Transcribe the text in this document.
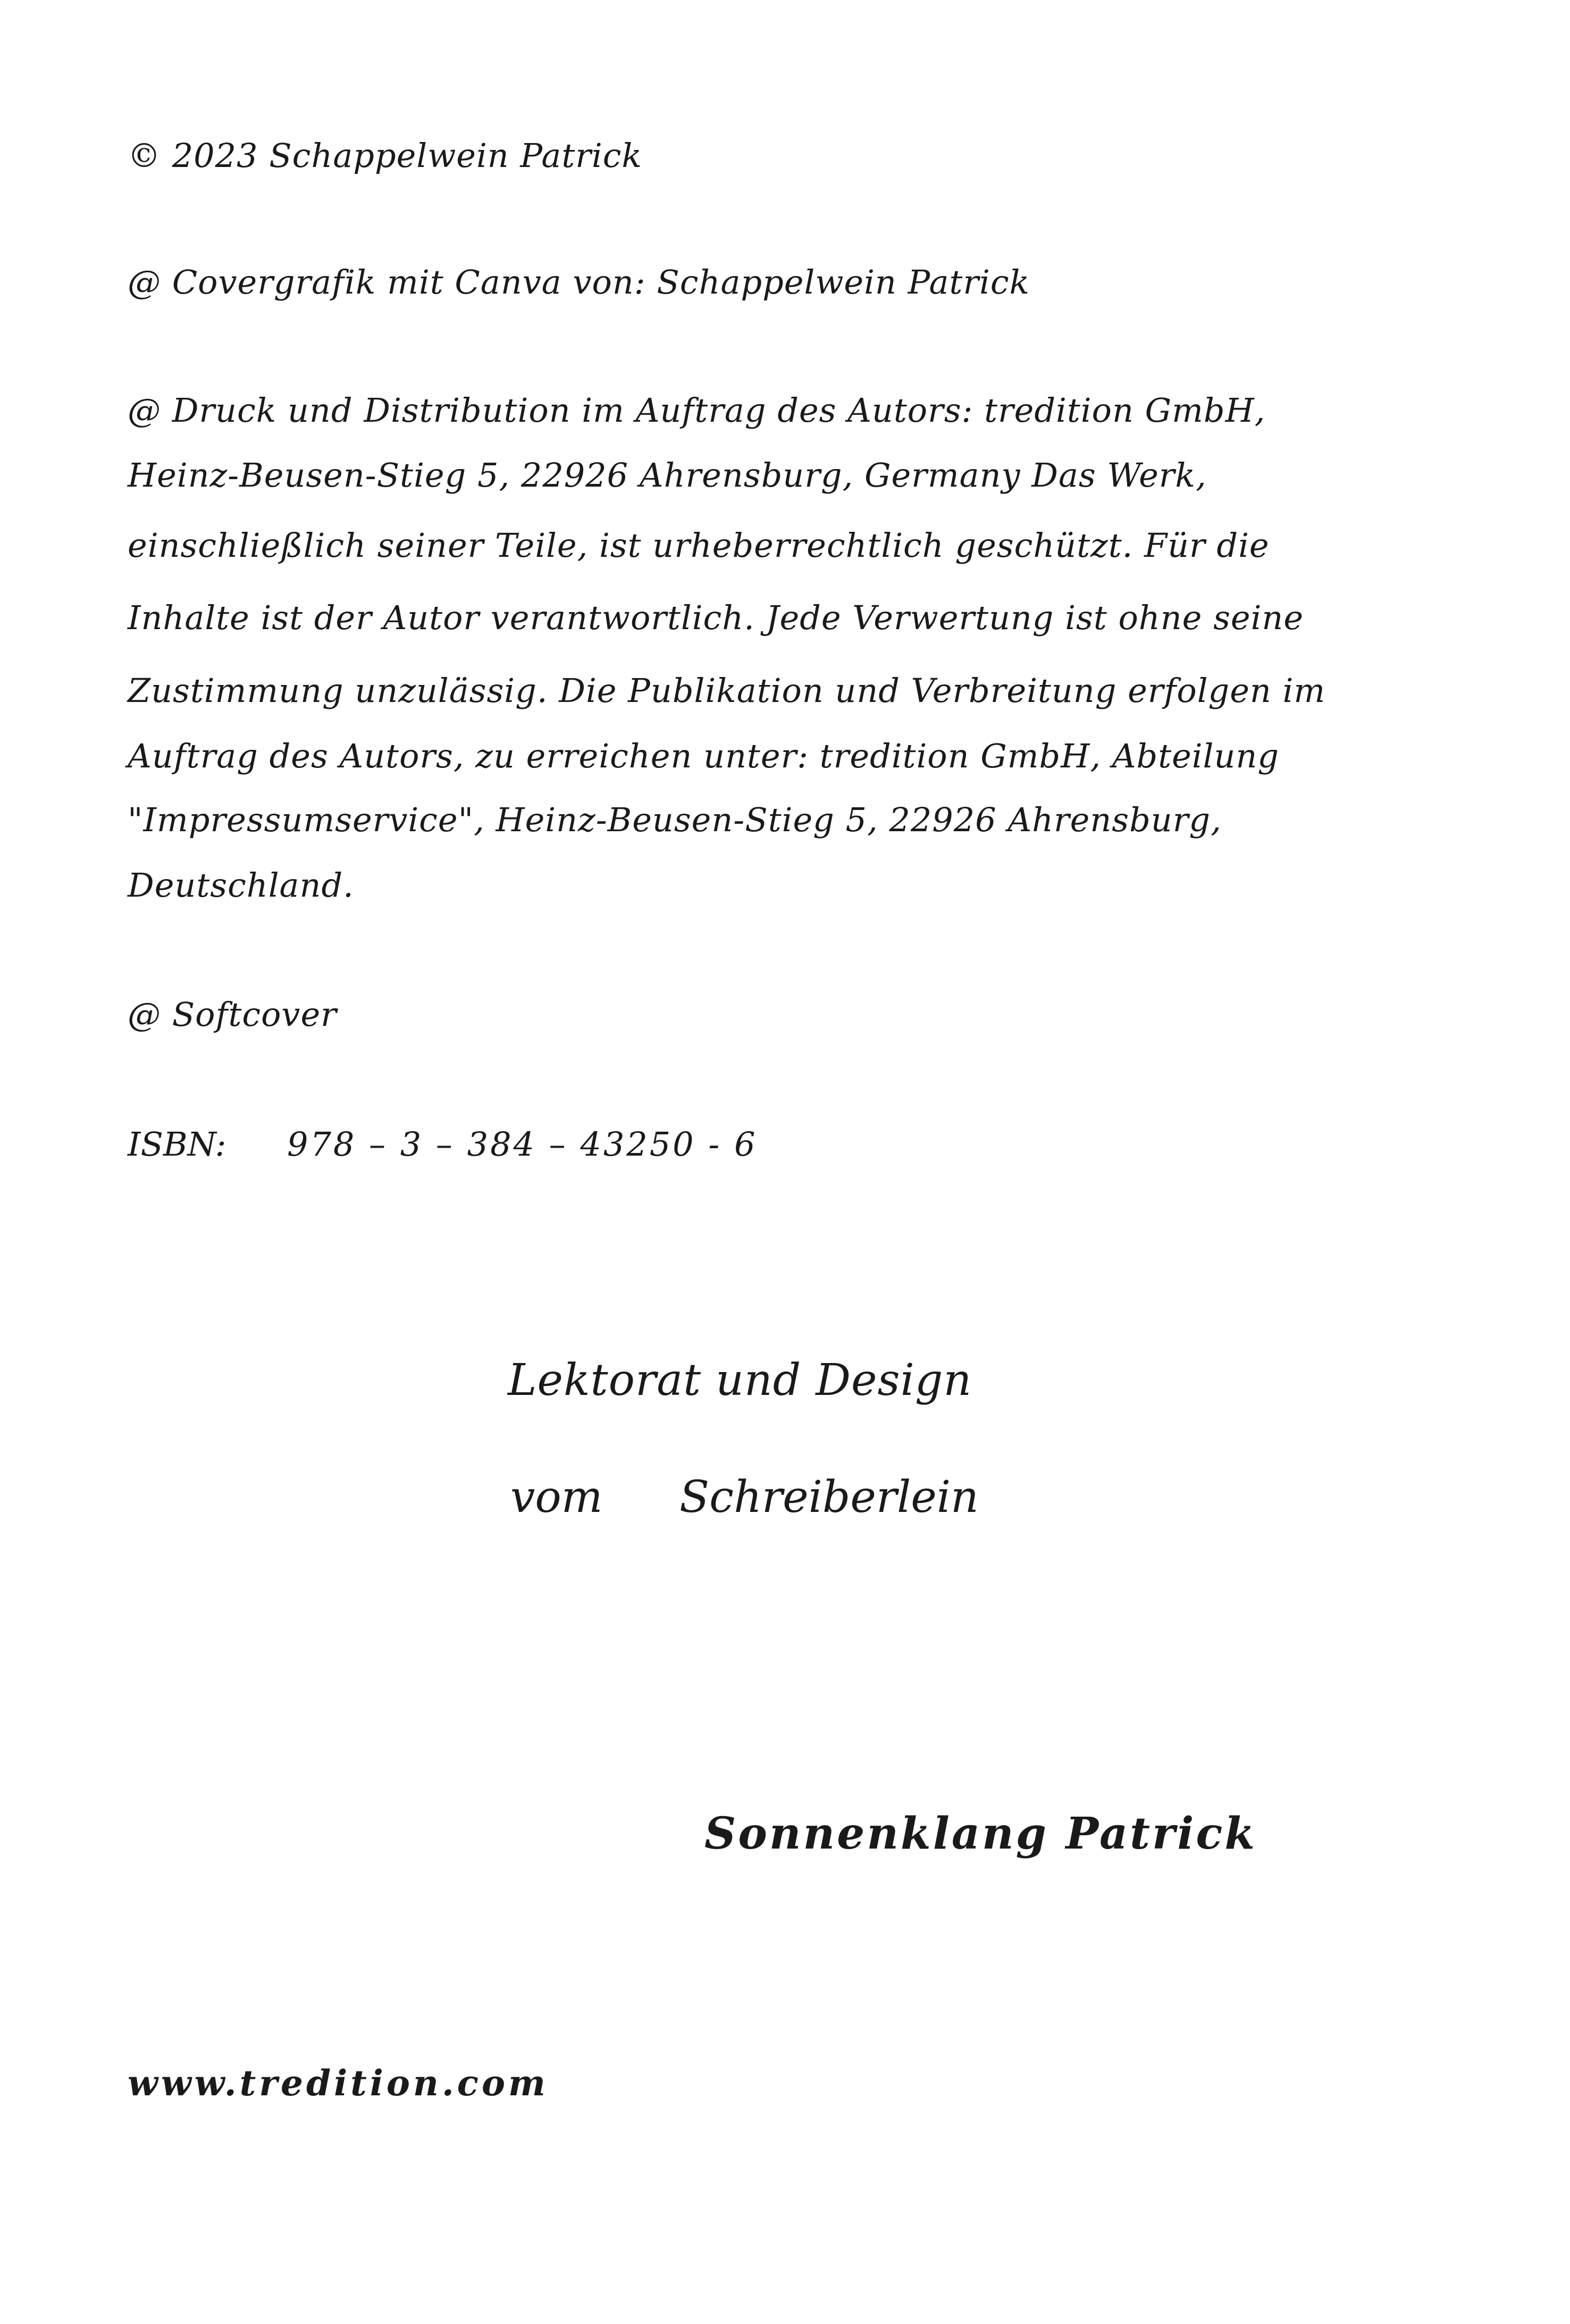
© 2023 Schappelwein Patrick
@ Covergrafik mit Canva von: Schappelwein Patrick
@ Druck und Distribution im Auftrag des Autors: tredition GmbH,
Heinz-Beusen-Stieg 5, 22926 Ahrensburg, Germany Das Werk,
einschließlich seiner Teile, ist urheberrechtlich geschützt. Für die
Inhalte ist der Autor verantwortlich. Jede Verwertung ist ohne seine
Zustimmung unzulässig. Die Publikation und Verbreitung erfolgen im
Auftrag des Autors, zu erreichen unter: tredition GmbH, Abteilung
"Impressumservice", Heinz-Beusen-Stieg 5, 22926 Ahrensburg,
Deutschland.
@ Softcover
ISBN: 978 – 3 – 384 – 43250 - 6
Lektorat und Design
vom Schreiberlein
Sonnenklang Patrick
www.tredition.com
